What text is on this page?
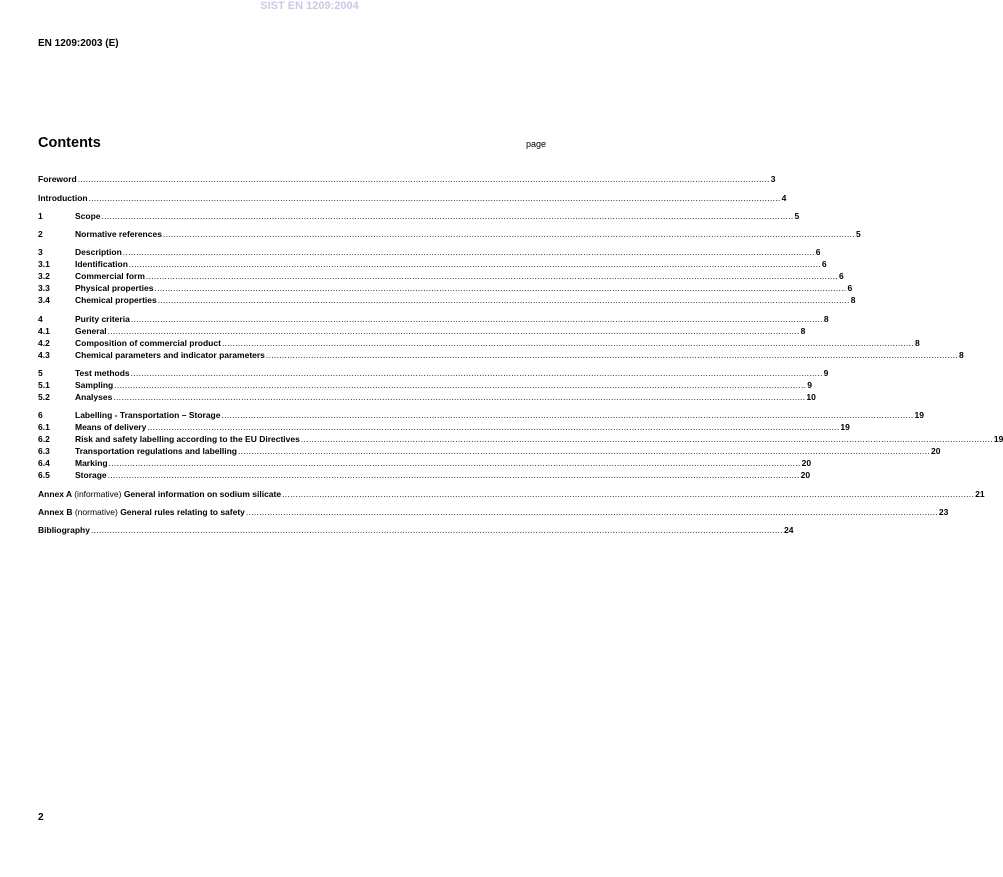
SIST EN 1209:2004
EN 1209:2003 (E)
Contents	page
Foreword .................................................................................................................................................................................................................................................................... 3
Introduction .................................................................................................................................................................................................................................................................... 4
1	Scope .................................................................................................................................................................................................................................................................... 5
2	Normative references .................................................................................................................................................................................................................................................................... 5
3	Description .................................................................................................................................................................................................................................................................... 6
3.1	Identification .................................................................................................................................................................................................................................................................... 6
3.2	Commercial form .................................................................................................................................................................................................................................................................... 6
3.3	Physical properties .................................................................................................................................................................................................................................................................... 6
3.4	Chemical properties .................................................................................................................................................................................................................................................................... 8
4	Purity criteria .................................................................................................................................................................................................................................................................... 8
4.1	General .................................................................................................................................................................................................................................................................... 8
4.2	Composition of commercial product .................................................................................................................................................................................................................................................................... 8
4.3	Chemical parameters and indicator parameters .................................................................................................................................................................................................................................................................... 8
5	Test methods .................................................................................................................................................................................................................................................................... 9
5.1	Sampling .................................................................................................................................................................................................................................................................... 9
5.2	Analyses .................................................................................................................................................................................................................................................................... 10
6	Labelling - Transportation – Storage .................................................................................................................................................................................................................................................................... 19
6.1	Means of delivery .................................................................................................................................................................................................................................................................... 19
6.2	Risk and safety labelling according to the EU Directives .................................................................................................................................................................................................................................................................... 19
6.3	Transportation regulations and labelling .................................................................................................................................................................................................................................................................... 20
6.4	Marking .................................................................................................................................................................................................................................................................... 20
6.5	Storage .................................................................................................................................................................................................................................................................... 20
Annex A (informative) General information on sodium silicate .................................................................................................................................................................................................................................................................... 21
Annex B (normative) General rules relating to safety .................................................................................................................................................................................................................................................................... 23
Bibliography .................................................................................................................................................................................................................................................................... 24
2
